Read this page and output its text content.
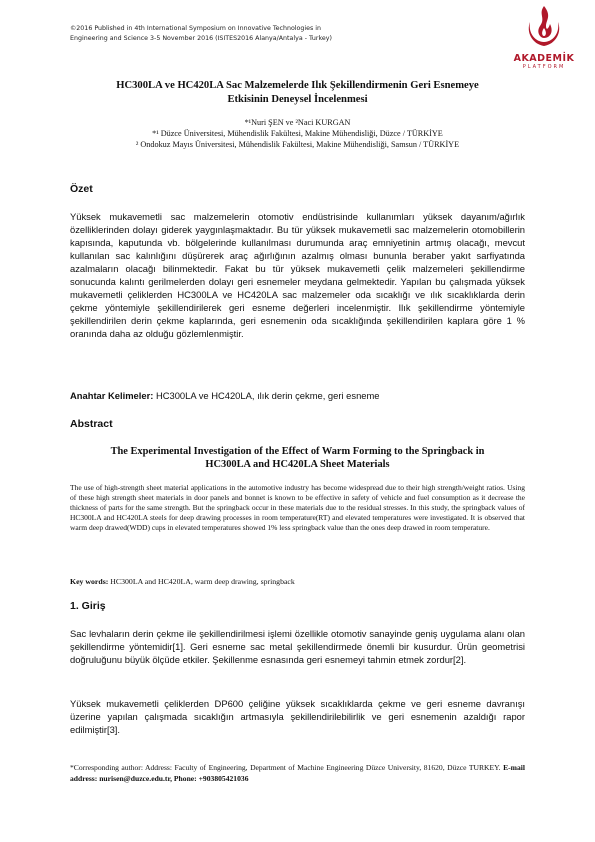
©2016 Published in 4th International Symposium on Innovative Technologies in
Engineering and Science 3-5 November 2016 (ISITES2016 Alanya/Antalya - Turkey)
AKADEMİK
PLATFORM
HC300LA ve HC420LA Sac Malzemelerde Ilık Şekillendirmenin Geri Esnemeye
Etkisinin Deneysel İncelenmesi
*¹Nuri ŞEN ve ²Naci KURGAN
*¹ Düzce Üniversitesi, Mühendislik Fakültesi, Makine Mühendisliği, Düzce / TÜRKİYE
² Ondokuz Mayıs Üniversitesi, Mühendislik Fakültesi, Makine Mühendisliği, Samsun / TÜRKİYE
Özet
Yüksek mukavemetli sac malzemelerin otomotiv endüstrisinde kullanımları yüksek dayanım/ağırlık özelliklerinden dolayı giderek yaygınlaşmaktadır. Bu tür yüksek mukavemetli sac malzemelerin otomobillerin kapısında, kaputunda vb. bölgelerinde kullanılması durumunda araç emniyetinin artmış olacağı, mevcut kullanılan sac kalınlığını düşürerek araç ağırlığının azalmış olması bununla beraber yakıt sarfiyatında azalmaların olacağı bilinmektedir. Fakat bu tür yüksek mukavemetli çelik malzemeleri şekillendirme sonucunda kalıntı gerilmelerden dolayı geri esnemeler meydana gelmektedir. Yapılan bu çalışmada yüksek mukavemetli çeliklerden HC300LA ve HC420LA sac malzemeler oda sıcaklığı ve ılık sıcaklıklarda derin çekme yöntemiyle şekillendirilerek geri esneme değerleri incelenmiştir. Ilık şekillendirme yöntemiyle şekillendirilen derin çekme kaplarında, geri esnemenin oda sıcaklığında şekillendirilen kaplara göre 1 % oranında daha az olduğu gözlemlenmiştir.
Anahtar Kelimeler: HC300LA ve HC420LA, ılık derin çekme, geri esneme
Abstract
The Experimental Investigation of the Effect of Warm Forming to the Springback in
HC300LA and HC420LA Sheet Materials
The use of high-strength sheet material applications in the automotive industry has become widespread due to their high strength/weight ratios. Using of these high strength sheet materials in door panels and bonnet is known to be effective in safety of vehicle and fuel consumption as it decrease the thickness of parts for the same strength. But the springback occur in these materials due to the residual stresses. In this study, the springback values of HC300LA and HC420LA steels for deep drawing processes in room temperature(RT) and elevated temperatures were investigated. It is observed that warm deep drawed(WDD) cups in elevated temperatures showed 1% less springback value than the ones deep drawed in room temperature.
Key words: HC300LA and HC420LA, warm deep drawing, springback
1. Giriş
Sac levhaların derin çekme ile şekillendirilmesi işlemi özellikle otomotiv sanayinde geniş uygulama alanı olan şekillendirme yöntemidir[1]. Geri esneme sac metal şekillendirmede önemli bir kusurdur. Ürün geometrisi doğruluğunu büyük ölçüde etkiler. Şekillenme esnasında geri esnemeyi tahmin etmek zordur[2].
Yüksek mukavemetli çeliklerden DP600 çeliğine yüksek sıcaklıklarda çekme ve geri esneme davranışı üzerine yapılan çalışmada sıcaklığın artmasıyla şekillendirilebilirlik ve geri esnemenin azaldığı rapor edilmiştir[3].
*Corresponding author: Address: Faculty of Engineering, Department of Machine Engineering Düzce University, 81620, Düzce TURKEY. E-mail address: nurisen@duzce.edu.tr, Phone: +903805421036
